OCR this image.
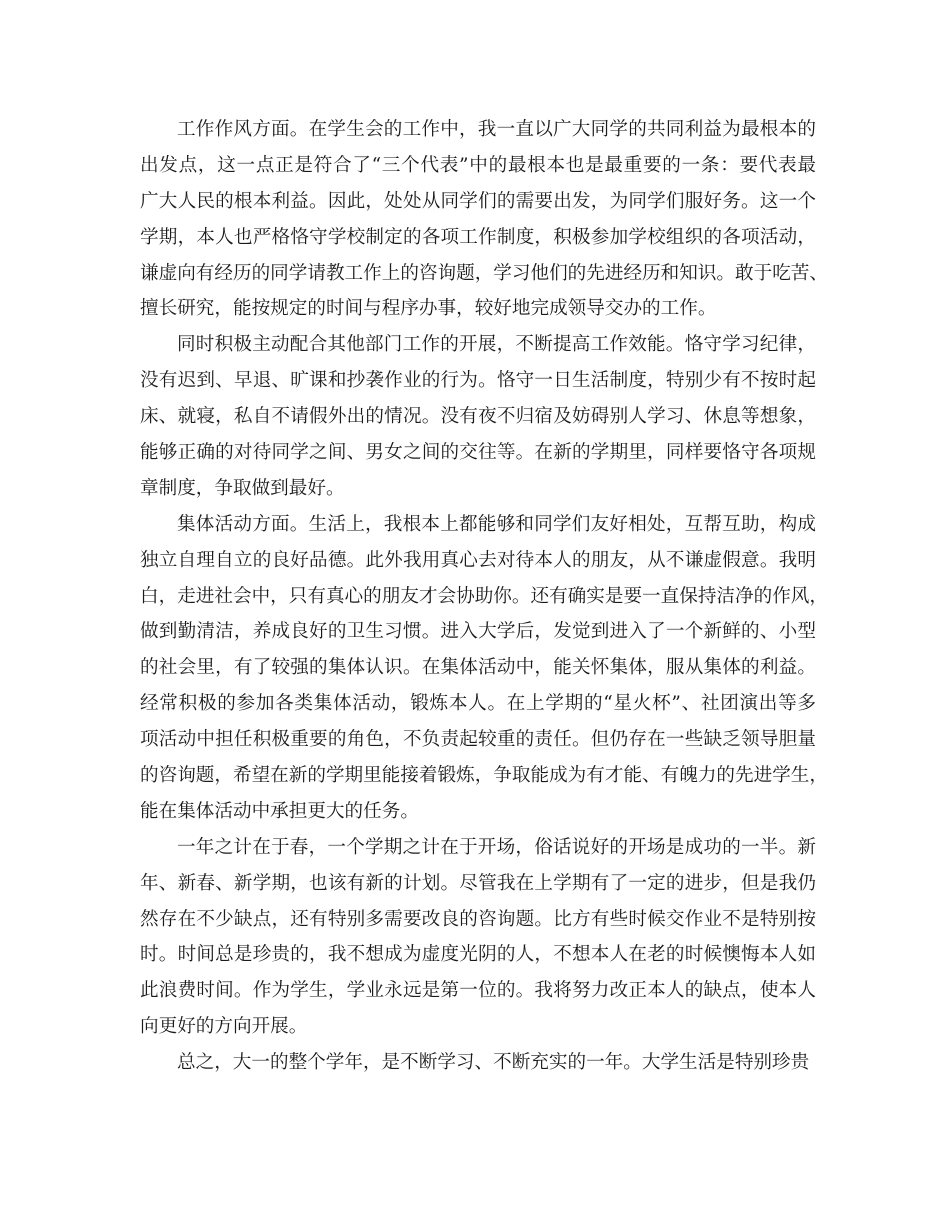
工作作风方面。在学生会的工作中，我一直以广大同学的共同利益为最根本的
出发点，这一点正是符合了“三个代表”中的最根本也是最重要的一条：要代表最
广大人民的根本利益。因此，处处从同学们的需要出发，为同学们服好务。这一个
学期，本人也严格恪守学校制定的各项工作制度，积极参加学校组织的各项活动，
谦虚向有经历的同学请教工作上的咨询题，学习他们的先进经历和知识。敢于吃苦、
擅长研究，能按规定的时间与程序办事，较好地完成领导交办的工作。
同时积极主动配合其他部门工作的开展，不断提高工作效能。恪守学习纪律，
没有迟到、早退、旷课和抄袭作业的行为。恪守一日生活制度，特别少有不按时起
床、就寝，私自不请假外出的情况。没有夜不归宿及妨碍别人学习、休息等想象，
能够正确的对待同学之间、男女之间的交往等。在新的学期里，同样要恪守各项规
章制度，争取做到最好。
集体活动方面。生活上，我根本上都能够和同学们友好相处，互帮互助，构成
独立自理自立的良好品德。此外我用真心去对待本人的朋友，从不谦虚假意。我明
白，走进社会中，只有真心的朋友才会协助你。还有确实是要一直保持洁净的作风，
做到勤清洁，养成良好的卫生习惯。进入大学后，发觉到进入了一个新鲜的、小型
的社会里，有了较强的集体认识。在集体活动中，能关怀集体，服从集体的利益。
经常积极的参加各类集体活动，锻炼本人。在上学期的“星火杯”、社团演出等多
项活动中担任积极重要的角色，不负责起较重的责任。但仍存在一些缺乏领导胆量
的咨询题，希望在新的学期里能接着锻炼，争取能成为有才能、有魄力的先进学生，
能在集体活动中承担更大的任务。
一年之计在于春，一个学期之计在于开场，俗话说好的开场是成功的一半。新
年、新春、新学期，也该有新的计划。尽管我在上学期有了一定的进步，但是我仍
然存在不少缺点，还有特别多需要改良的咨询题。比方有些时候交作业不是特别按
时。时间总是珍贵的，我不想成为虚度光阴的人，不想本人在老的时候懊悔本人如
此浪费时间。作为学生，学业永远是第一位的。我将努力改正本人的缺点，使本人
向更好的方向开展。
总之，大一的整个学年，是不断学习、不断充实的一年。大学生活是特别珍贵
